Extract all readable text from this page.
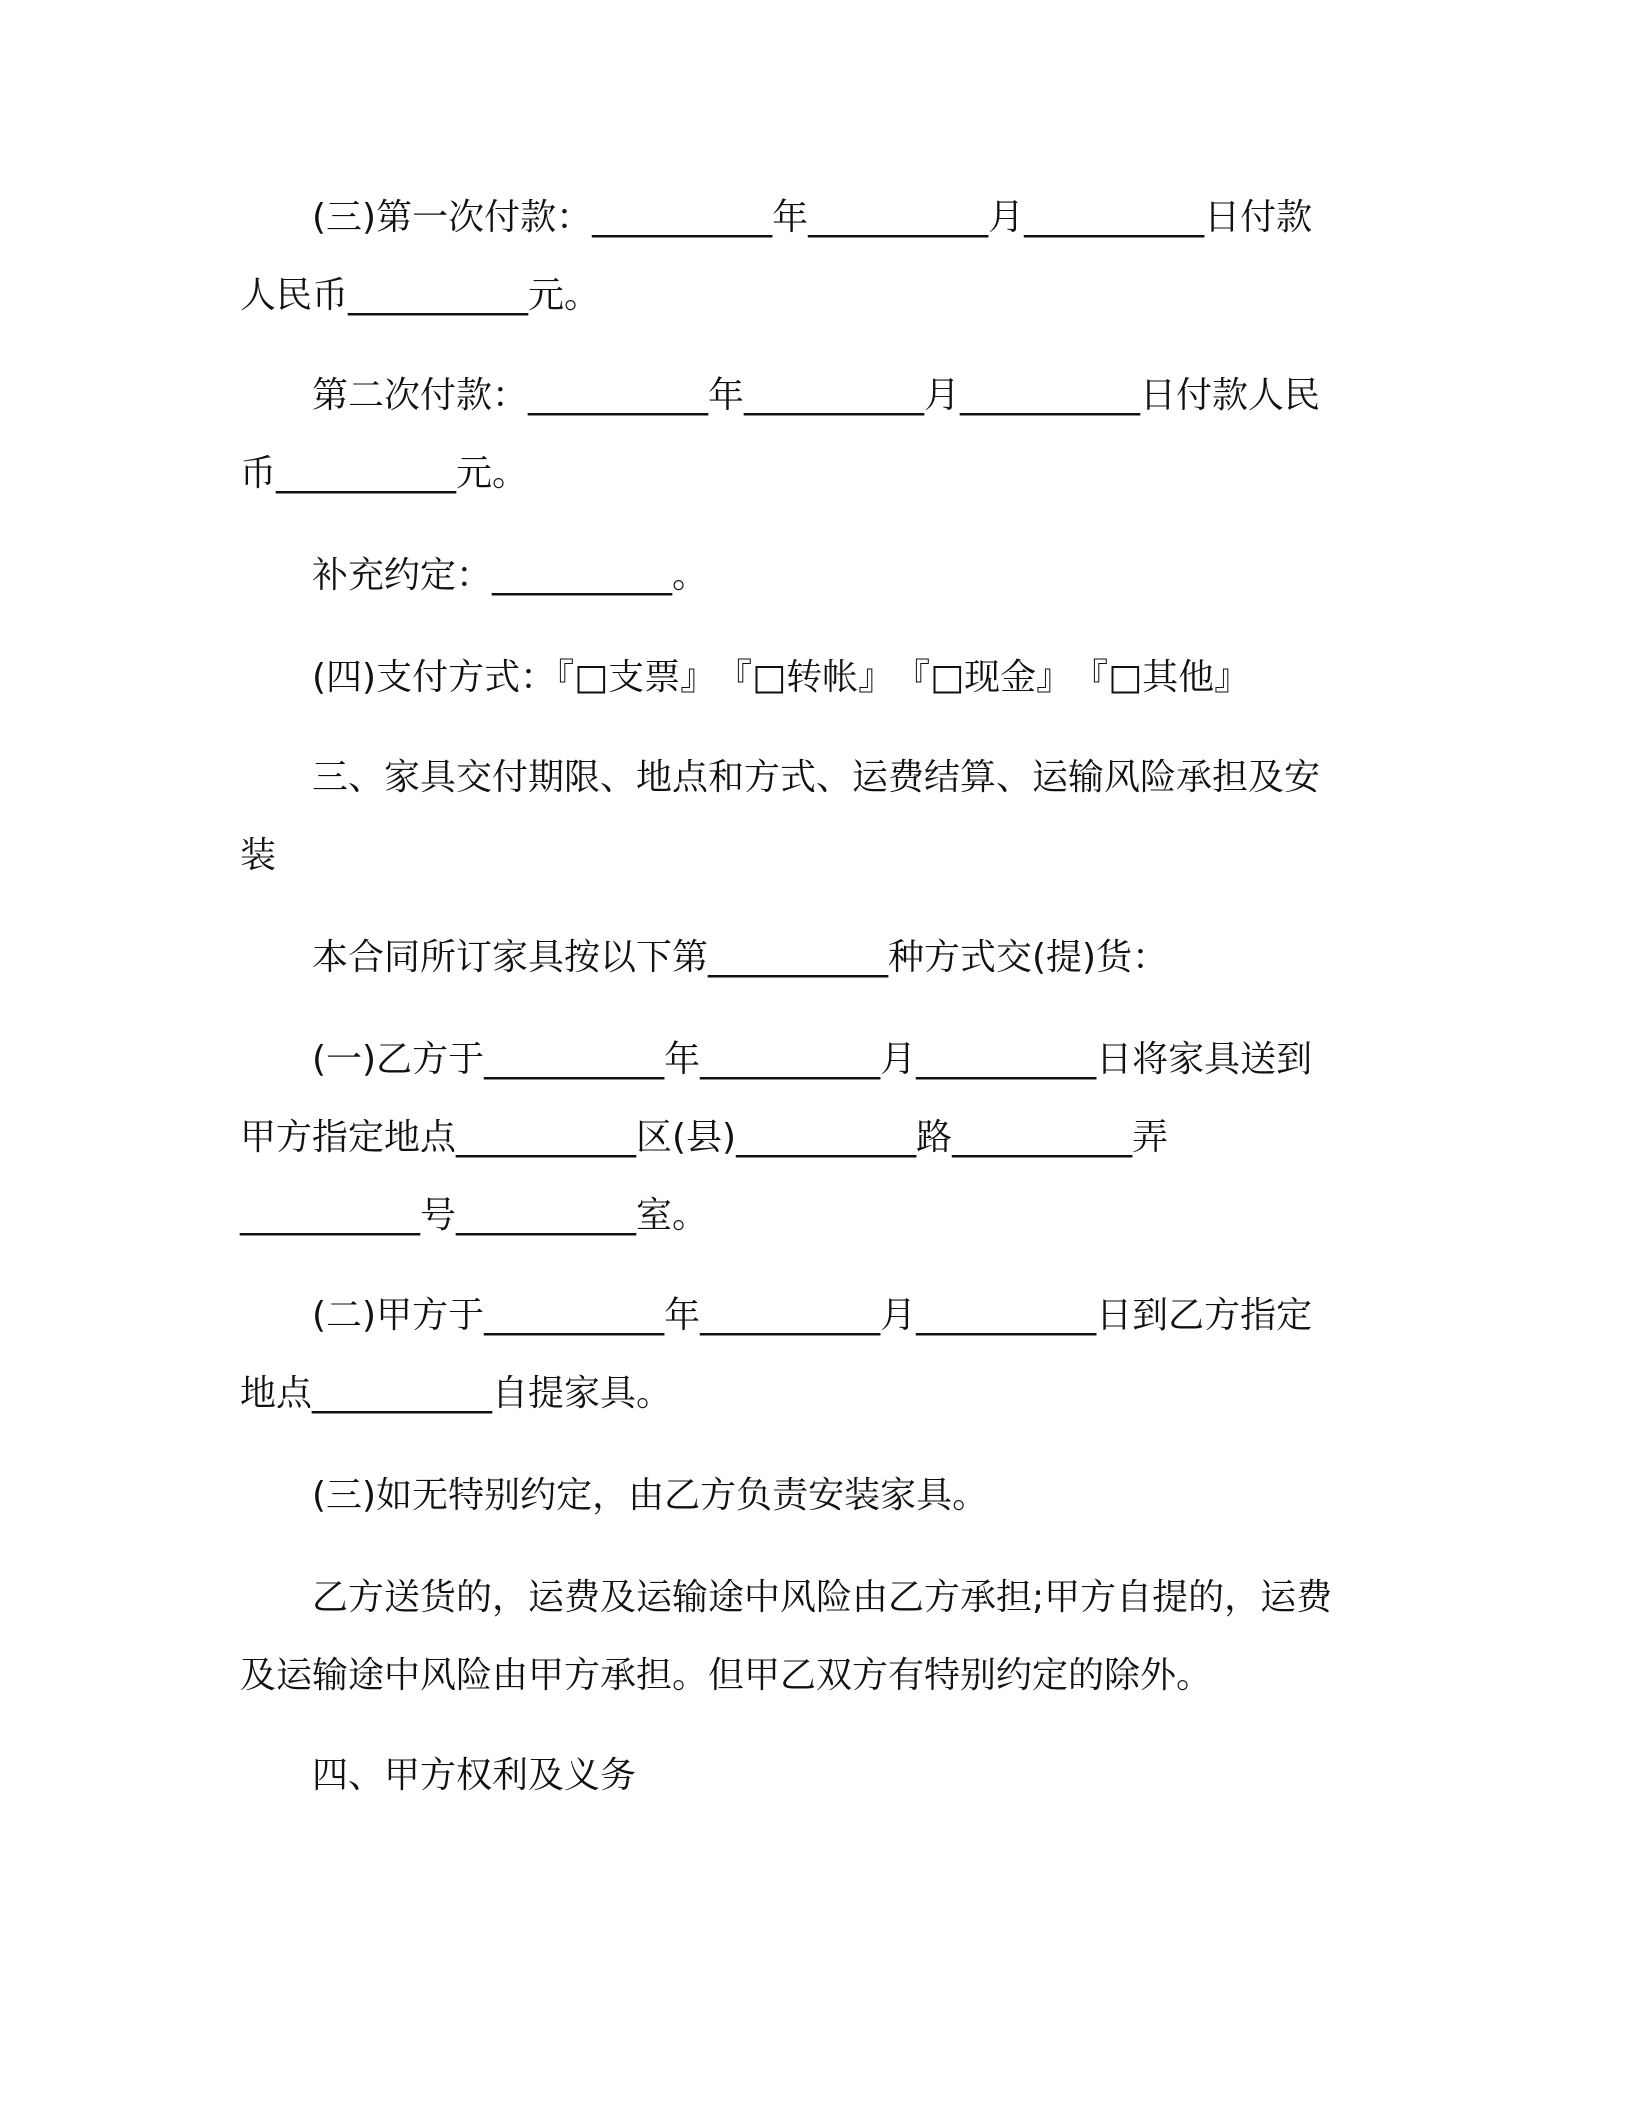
　　(三)第一次付款：__________年__________月__________日付款
人民币__________元。
　　第二次付款：__________年__________月__________日付款人民
币__________元。
　　补充约定：__________。
　　(四)支付方式：『□支票』　『□转帐』　『□现金』　『□其他』
　　三、家具交付期限、地点和方式、运费结算、运输风险承担及安
装
　　本合同所订家具按以下第__________种方式交(提)货：
　　(一)乙方于__________年__________月__________日将家具送到
甲方指定地点__________区(县)__________路__________弄
__________号__________室。
　　(二)甲方于__________年__________月__________日到乙方指定
地点__________自提家具。
　　(三)如无特别约定，由乙方负责安装家具。
　　乙方送货的，运费及运输途中风险由乙方承担;甲方自提的，运费
及运输途中风险由甲方承担。但甲乙双方有特别约定的除外。
　　四、甲方权利及义务
